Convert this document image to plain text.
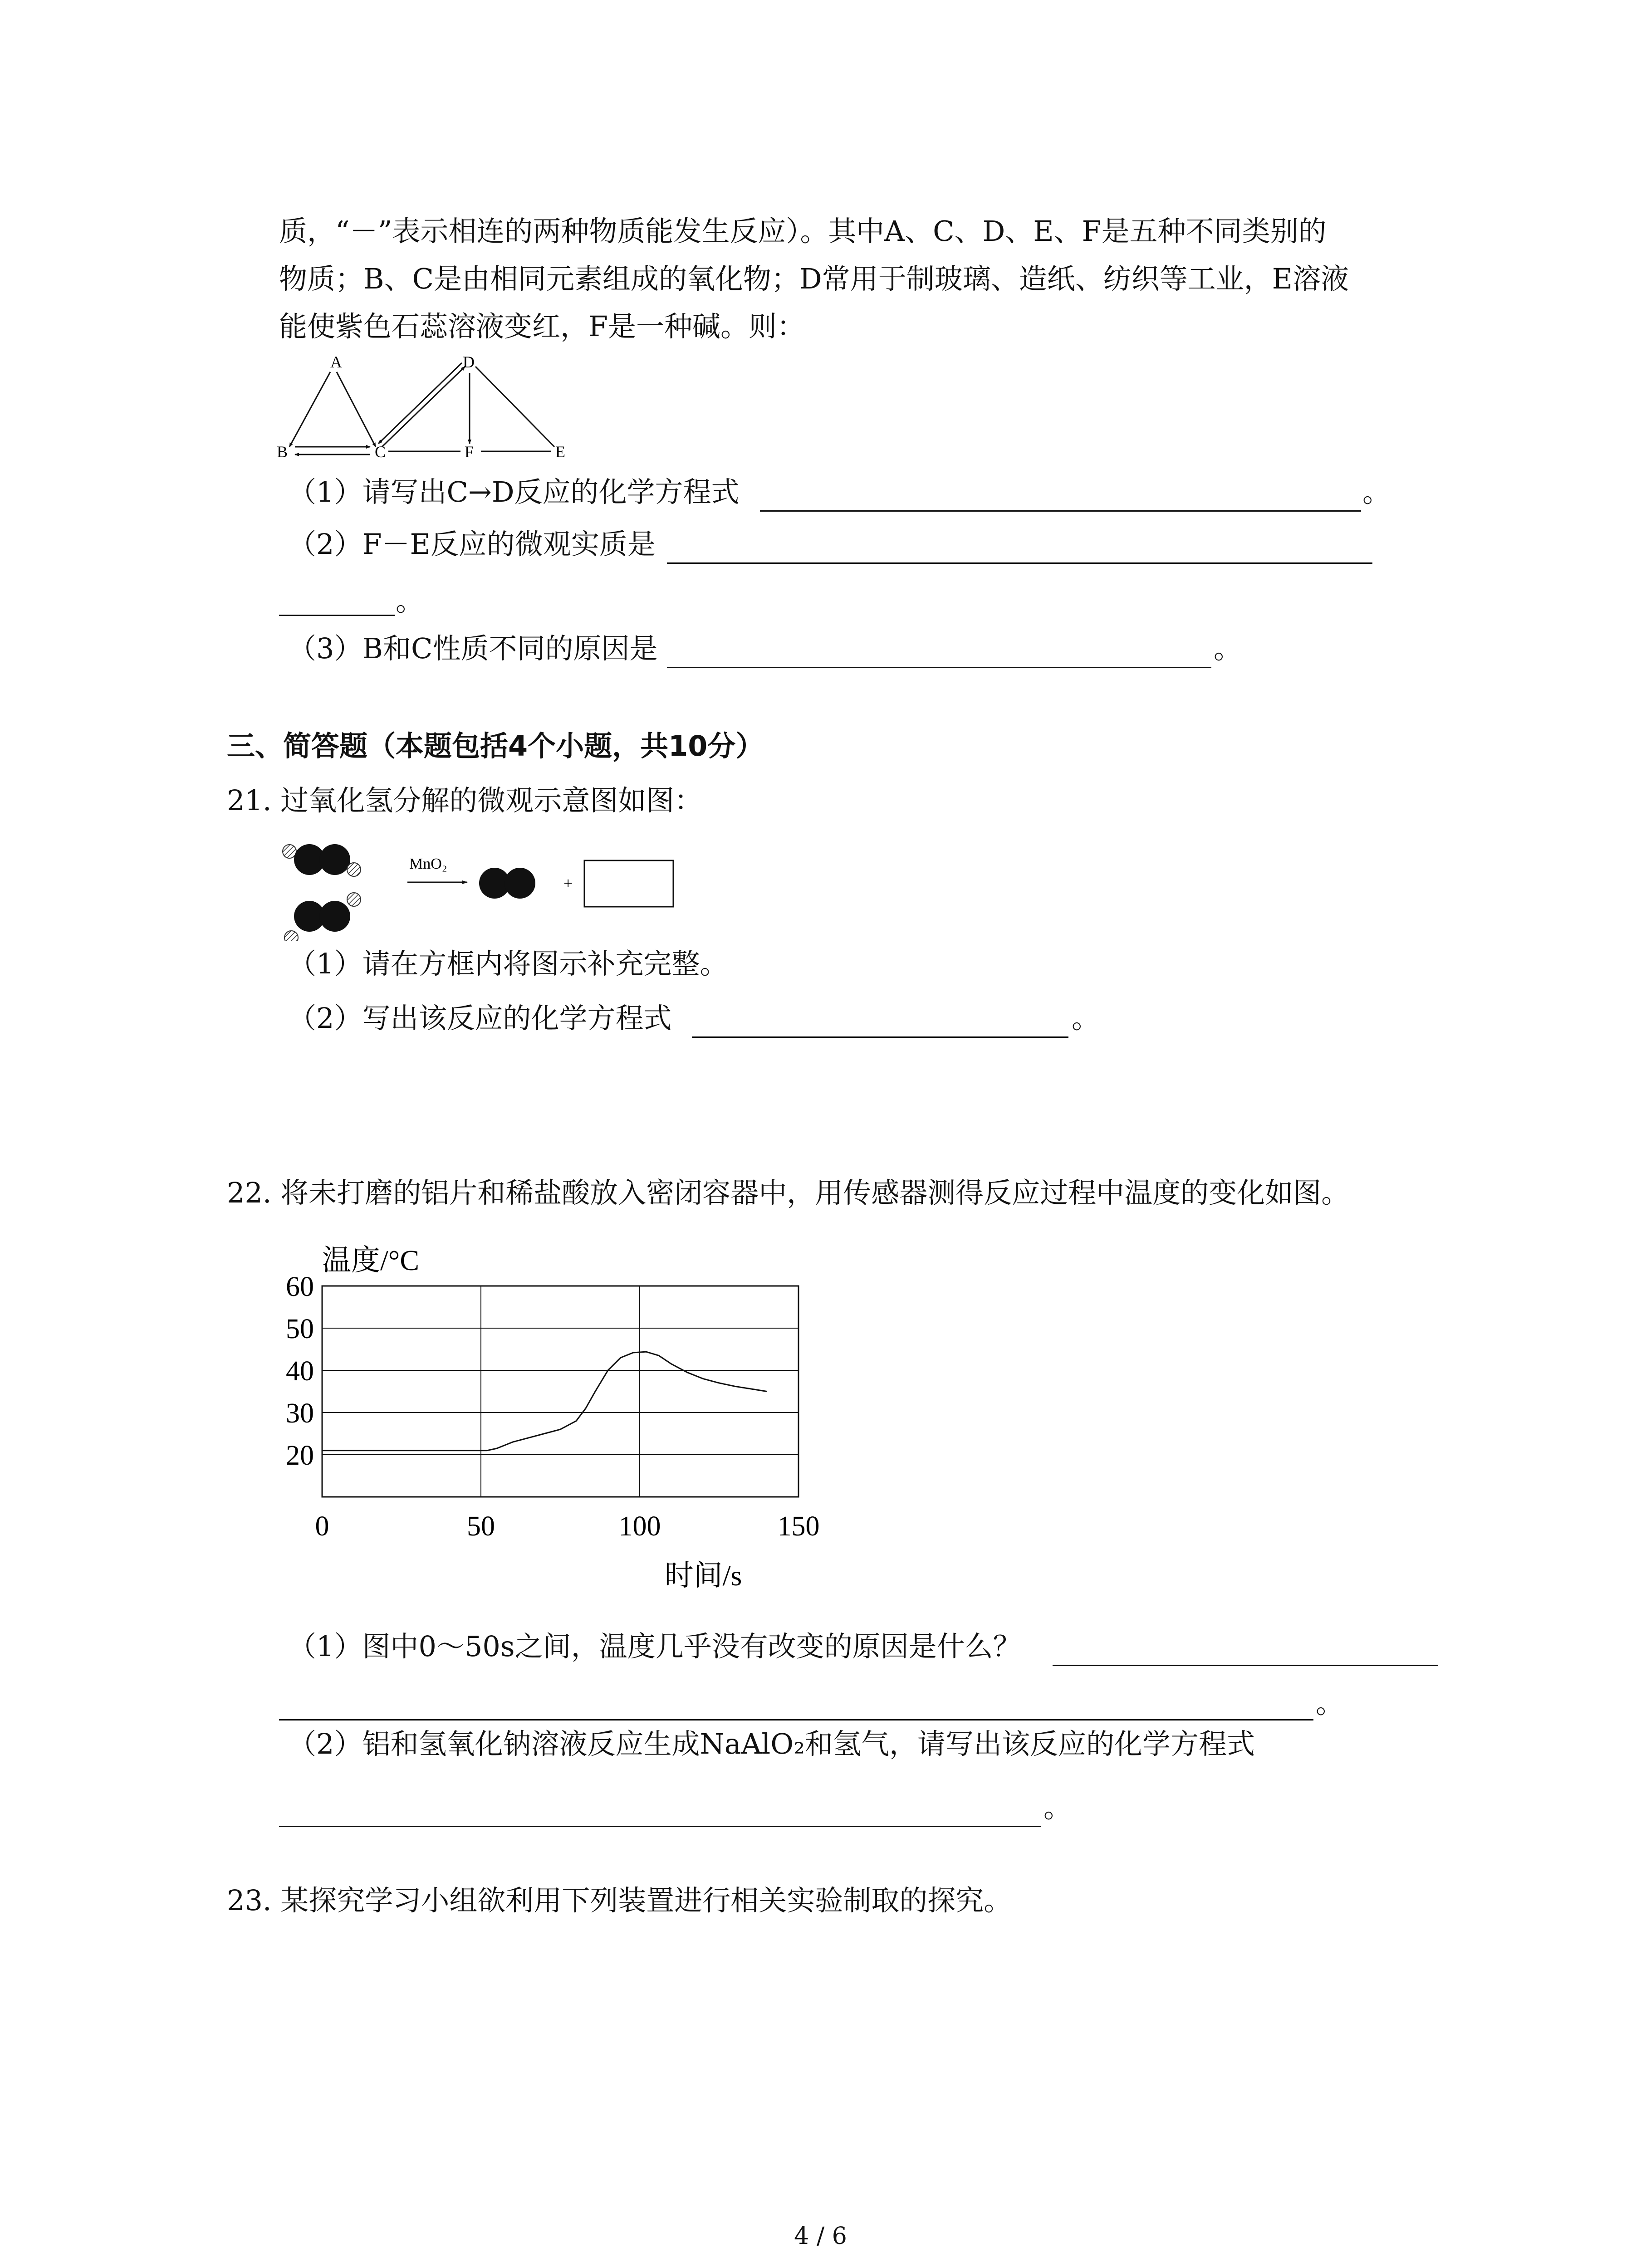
质，“－”表示相连的两种物质能发生反应）。其中A、C、D、E、F是五种不同类别的
物质；B、C是由相同元素组成的氧化物；D常用于制玻璃、造纸、纺织等工业，E溶液
能使紫色石蕊溶液变红，F是一种碱。则：
A
B	C
D
F	E
（1）请写出C→D反应的化学方程式	。
（2）F－E反应的微观实质是
。
（3）B和C性质不同的原因是	。
三、简答题（本题包括4个小题，共10分）
21. 过氧化氢分解的微观示意图如图：
MnO₂
+
（1）请在方框内将图示补充完整。
（2）写出该反应的化学方程式	。
22. 将未打磨的铝片和稀盐酸放入密闭容器中，用传感器测得反应过程中温度的变化如图。
温度/°C
时间/s
20
30
40
50
60
0	50	100	150
（1）图中0～50s之间，温度几乎没有改变的原因是什么？
。
（2）铝和氢氧化钠溶液反应生成NaAlO₂和氢气，请写出该反应的化学方程式
。
23. 某探究学习小组欲利用下列装置进行相关实验制取的探究。
4 / 6
